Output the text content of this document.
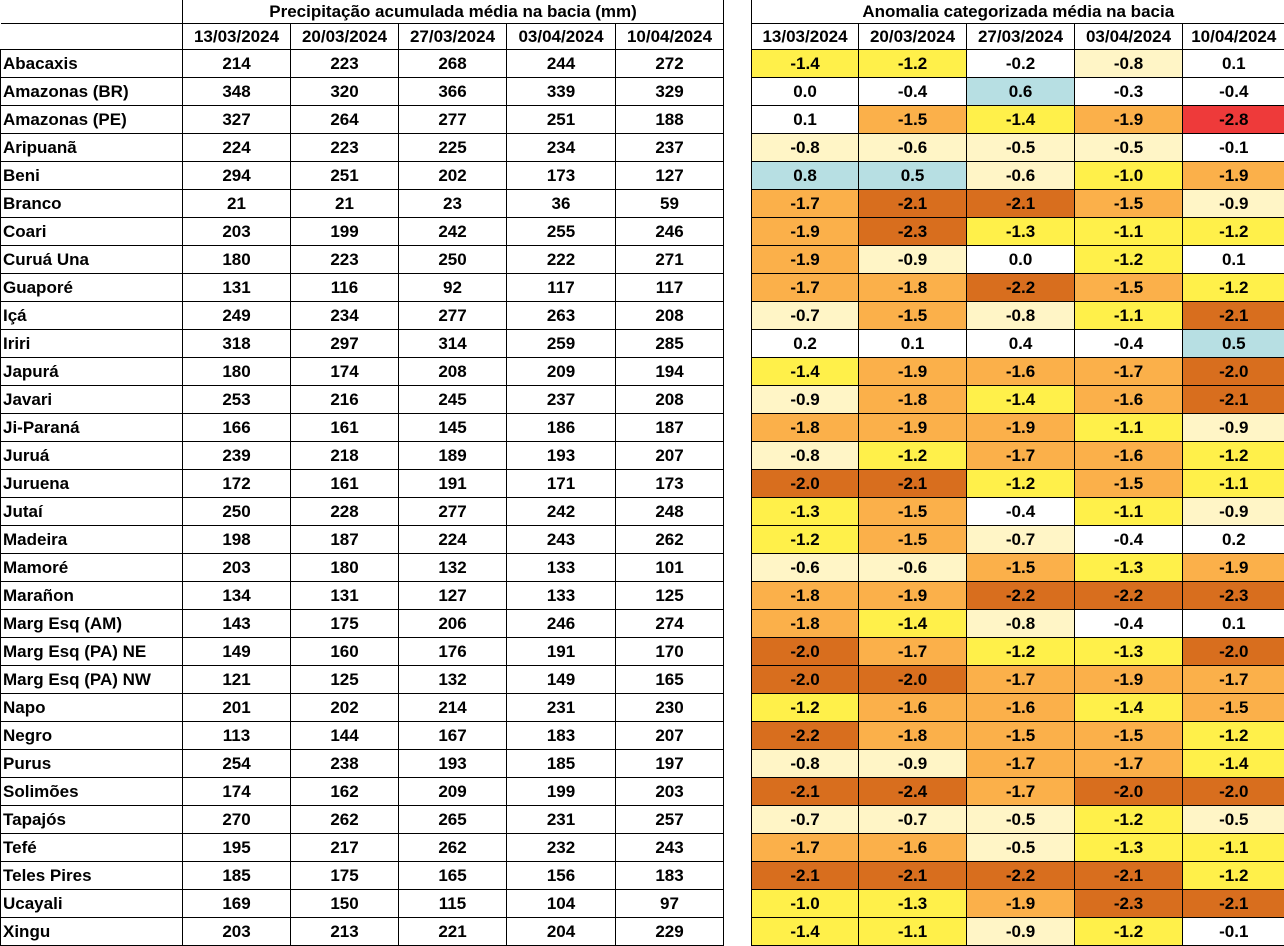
	Precipitação acumulada média na bacia (mm)						Anomalia categorizada média na bacia				
	13/03/2024	20/03/2024	27/03/2024	03/04/2024	10/04/2024		13/03/2024	20/03/2024	27/03/2024	03/04/2024	10/04/2024
Abacaxis	214	223	268	244	272		-1.4	-1.2	-0.2	-0.8	0.1
Amazonas (BR)	348	320	366	339	329		0.0	-0.4	0.6	-0.3	-0.4
Amazonas (PE)	327	264	277	251	188		0.1	-1.5	-1.4	-1.9	-2.8
Aripuanã	224	223	225	234	237		-0.8	-0.6	-0.5	-0.5	-0.1
Beni	294	251	202	173	127		0.8	0.5	-0.6	-1.0	-1.9
Branco	21	21	23	36	59		-1.7	-2.1	-2.1	-1.5	-0.9
Coari	203	199	242	255	246		-1.9	-2.3	-1.3	-1.1	-1.2
Curuá Una	180	223	250	222	271		-1.9	-0.9	0.0	-1.2	0.1
Guaporé	131	116	92	117	117		-1.7	-1.8	-2.2	-1.5	-1.2
Içá	249	234	277	263	208		-0.7	-1.5	-0.8	-1.1	-2.1
Iriri	318	297	314	259	285		0.2	0.1	0.4	-0.4	0.5
Japurá	180	174	208	209	194		-1.4	-1.9	-1.6	-1.7	-2.0
Javari	253	216	245	237	208		-0.9	-1.8	-1.4	-1.6	-2.1
Ji-Paraná	166	161	145	186	187		-1.8	-1.9	-1.9	-1.1	-0.9
Juruá	239	218	189	193	207		-0.8	-1.2	-1.7	-1.6	-1.2
Juruena	172	161	191	171	173		-2.0	-2.1	-1.2	-1.5	-1.1
Jutaí	250	228	277	242	248		-1.3	-1.5	-0.4	-1.1	-0.9
Madeira	198	187	224	243	262		-1.2	-1.5	-0.7	-0.4	0.2
Mamoré	203	180	132	133	101		-0.6	-0.6	-1.5	-1.3	-1.9
Marañon	134	131	127	133	125		-1.8	-1.9	-2.2	-2.2	-2.3
Marg Esq (AM)	143	175	206	246	274		-1.8	-1.4	-0.8	-0.4	0.1
Marg Esq (PA) NE	149	160	176	191	170		-2.0	-1.7	-1.2	-1.3	-2.0
Marg Esq (PA) NW	121	125	132	149	165		-2.0	-2.0	-1.7	-1.9	-1.7
Napo	201	202	214	231	230		-1.2	-1.6	-1.6	-1.4	-1.5
Negro	113	144	167	183	207		-2.2	-1.8	-1.5	-1.5	-1.2
Purus	254	238	193	185	197		-0.8	-0.9	-1.7	-1.7	-1.4
Solimões	174	162	209	199	203		-2.1	-2.4	-1.7	-2.0	-2.0
Tapajós	270	262	265	231	257		-0.7	-0.7	-0.5	-1.2	-0.5
Tefé	195	217	262	232	243		-1.7	-1.6	-0.5	-1.3	-1.1
Teles Pires	185	175	165	156	183		-2.1	-2.1	-2.2	-2.1	-1.2
Ucayali	169	150	115	104	97		-1.0	-1.3	-1.9	-2.3	-2.1
Xingu	203	213	221	204	229		-1.4	-1.1	-0.9	-1.2	-0.1
